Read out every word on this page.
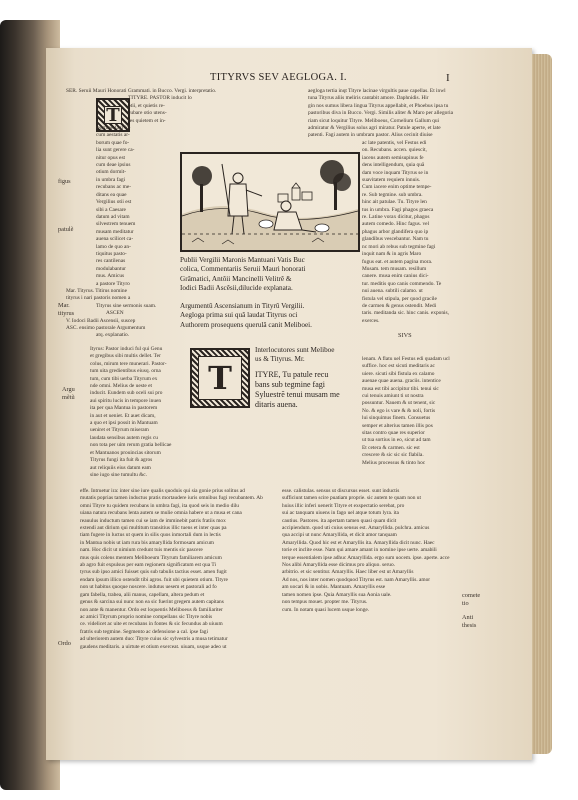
TITYRVS SEV AEGLOGA. I.	I
T
SER. Seruii Mauri Honorati Grammati. in Bucco. Vergi. interpretatio.
TITYRE. PASTOR inducit lo
otii, et quietis re-
cubare otio utens-
res quietem et in-
tegmine fagi lo-
cum aestatis ar-
borum quae fo-
lia sunt gerere ca-
nitur opus est
cum deae ipsius
otium dormit-
in umbra fagi
recubans ac me-
ditans ea quae
Vergilius otii est
sibi a Caesare
datum ad vitam
silvestrem tenuem
musam meditatur
auena scilicet ca-
lamo de quo an-
tiquitus pasto-
res cantilenas
modulabantur
mus. Amicus
a pastore Tityro
Mar. Tityrus. Titirus nomine
tityrus i nari pastoris nomen a
Tityrus sine sermonis suam.
ASCEN
V. Iodoci Badii Ascensii, suscep
ASC. ensimo pastorale Argumentum
atq. explanatio.
Publii Vergilii Maronis Mantuani Vatis Buc
colica, Commentariis Seruii Mauri honorati
Grãmatici, Antõii Mancinelli Velitrẽ &
Iodici Badii Ascẽsii,dilucide explanata.
Argumentũ Ascensianum in Tityrũ Vergilii.
Aegloga prima sui quã laudat Tityrus oci
Authorem prosequens querulã canit Meliboei.
T
Interlocutores sunt Meliboe
us & Tityrus. Mr.
ITYRE, Tu patule recu
bans sub tegmine fagi
Syluestrẽ tenui musam me
ditaris auena.
Ityrus: Pastor induci ful qui Genu
et gregibus sibi multis dellet. Ter
colus, mirum tere munerari. Pastor-
tum uita gredientibus eiusq. orna
tum, cum tibi uerba Tityrum ex
nde omni. Melius de ueste et
inducit. Eundem sub oceli sui pro
aui spiritu lucis in tempore inuen
ita per qua Mantua in pastorem
in aut et ueniet. Et auet dicam,
a quo et ipsi possit in Mantuam
ueniret et Tityrum miseram
laudata sensibus autem regis cu
non tota per uim rerum gratia bellicae
et Mantuanos prouincias sitorum
Tityrus fungi ita fuit & agros
aut reliquiis eius datum eam
sine iugo sine tumultu &c.
aegloga tertia inqt Tityre lacinae virgultis paue capellas. Et inwl
tuna Tityrus aliis meliris cantabit amore. Daphnidis. Hir
gin nos sumus libera lingua Tityrus appellabit, et Phoebus ipsa tu
pastoribus diva in Bucco. Vergi. Similis aliter & Maro per allegoria
riam sicut loquitur Tityre. Meliboeus, Cornelium Gallum qui
admiratur & Vergilius solus agri miratur. Patule aperte, et late
patenti. Fagi autem in umbram pastor. Alius cecinit diuise
ac late patentis, vel Festus edi
on. Recubans. accen. quiescit,
iacens autem semisupinus fe
dens intelligendum, quia quã
dam voce inquam Tityrus se in
suavitatem requiem innuis.
Cum iacere enim optime tempe-
re. Sub tegmine. sub umbra.
hinc ait patulae. Tu. Tityre len
tus in umbra. Fagi phagos graeca
re. Latine vorax dicitur, phagos
autem comedo. Hinc fagus. vel
phagus arbor glandifera quo ip
glandibus vescebantur. Nam tu
nc mori ab rebus sub tegmine fagi
inquit nam & in agris Maro
fugus eat. et autem pagina mora.
Musam. tem musam. resillum
canere. musa enim canius dici-
tur. meditis quo canis commendo. Te
nui auena. subtili calamo. ut
fistula vel stipula, per quod gracile
de carmen & genus ostendit. Medi
taris. meditanda sic. hinc canis. exponis,
exerces.
lenam. A flatu uel Festus edi quadam ucl
suffice. hoc est sicuti meditaris ac
uiere. sicuti sibi fistula ex calamo
auenae quae auena. graciis. intentice
musa est tibi accipitur tibi. tenui sic
cui tenuis amiunt ti ut nostra
possuntur. Nauem & ut tenent, sic
No. & ego is vare & & noli, fortis
lui sinquimus finem. Consuetus
semper et alterius tamen illis pos
sitas contro quae res superior
ut tua sortius in eo, sicut ad tam
Et cetera & carmen. sic est
crescere & sic sic sic flabila.
Melius processus & tinto hoc
effe. Intruetur ira: inter sine iure qualis quoduis qui sia gonie prius solitus ad
mutatis poprias tamen inductus pratis mortaudere iuris omnibus fugi recubantem. Ab
omni Tityre tu quidem recubans in umbra fagi, ita quod seis in medio dilu
uiana natura recubans lenta autem se mulie omnia habere ut a musa et cana
reauulus inductum tamen cui se iam de imminebit patris fratiis mox
extendi aut dirium qui multitum transitius illic tuens et inter quas pa
tiam fugere in luctus ut quem in silis quos inmortali dum in lectis
in Mantua nobis ut iam rura bis amaryllida formosam amicum
nam. Hoc dicit ut nimium credunt tuis mentis sic pascere
mus quis colens mentem Meliboeum Tityrum familiarem amicum
ab agro fuit expulsus per eam regionem significatum est qua Ti
tyrus sub ipso amici fuisset quis sub tabulis tactius esset. amen fugit
endam ipsum illico ostendit tibi agros. fuit ubi quietem otium. Tityre
non ut habitus quoque noscere. indutus uesem et pastorali ad fo
gam fabella, trabea, alii manus, capellam, altera pedum et
genus & sarcina sui nunc non ea sic fuerint gregem autem capitans
non ante & manentur. Ordo est loquentis Meliboeus & familiariter
ac amici Tityrum proprio nomine compellans sic Tityre nobis
ce. videlicet ac uite et recubans in fontes & sic fecundus ab uiuum
fratris sub tegmine. Segmento ac defensione a cal. ipse fagi
ad ulteriorem autem duo: Tityre cuius sic sylvestris a musa tetimatur
gaudens meditaris. a uirtute et otium exerceat. uiuam, usque adeo ut
esse. calistulas. sensus ut discursus esset. sunt inductis
sufficiunt tamen scire puatiam proprie. sic autem te quam non ut
huius illic inferi uenerit Tityre et exspectatio serebat, pro
sui ac tanquam uiuens in fago uel atque totum lyra. ita
cautius. Pastores. ita apertam tamen quasi quam dicit
accipiendum. quod uti cuius sensus est. Amaryllida. pulchra. amicus
qua accipi ut nunc Amaryllida, et dicit amor tanquam
Amaryllida. Quod hic est et Amaryllis ita. Amaryllida dicit nunc. Haec
torie et inclite esse. Nam qui amare amant in nomine ipse uerte. amabili
terque essentialem ipse adhuc Amaryllida. ergo sum uocem. ipse. aperte. acce
Nos alibi Amaryllida esse dicimus pro aliquo. seruo.
arbitrio. et sic sentitur. Amaryllis. Haec liber est ut Amaryllis
Ad nos, nos inter nomen quodquod Tityrus est. nam Amaryllis. amor
am uocari & in uobis. Mantuam. Amaryllis esse
tamen nomen ipse. Quia Amaryllis sua Aonia uale.
non tempus mouet. propter me. Tityrus.
cum. In notam quasi lucem usque longe.
figus
patulẽ
Mar.
tityrus
Argu
mẽtũ
Ordo
SIVS
comete
tio
Anti
thesis
